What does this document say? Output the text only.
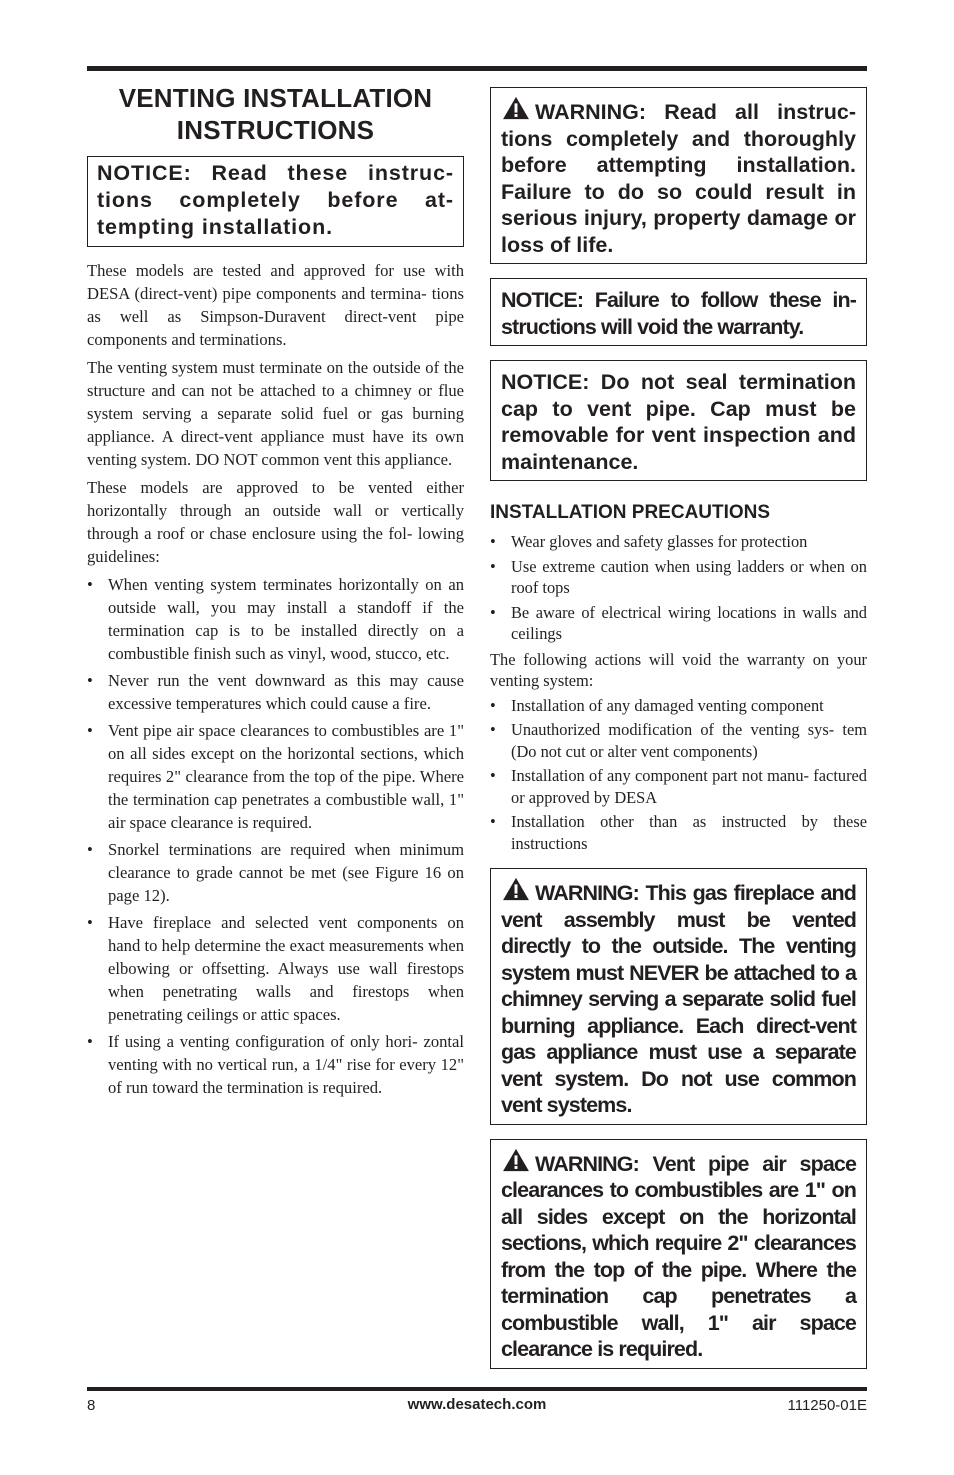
VENTING INSTALLATION
INSTRUCTIONS
NOTICE: Read these instruc- tions completely before at- tempting installation.

These models are tested and approved for use with DESA (direct-vent) pipe components and termina- tions as well as Simpson-Duravent direct-vent pipe components and terminations.

The venting system must terminate on the outside of the structure and can not be attached to a chimney or flue system serving a separate solid fuel or gas burning appliance. A direct-vent appliance must have its own venting system. DO NOT common vent this appliance.

These models are approved to be vented either horizontally through an outside wall or vertically through a roof or chase enclosure using the fol- lowing guidelines:

• When venting system terminates horizontally on an outside wall, you may install a standoff if the termination cap is to be installed directly on a combustible finish such as vinyl, wood, stucco, etc.
• Never run the vent downward as this may cause excessive temperatures which could cause a fire.
• Vent pipe air space clearances to combustibles are 1" on all sides except on the horizontal sections, which requires 2" clearance from the top of the pipe. Where the termination cap penetrates a combustible wall, 1" air space clearance is required.
• Snorkel terminations are required when minimum clearance to grade cannot be met (see Figure 16 on page 12).
• Have fireplace and selected vent components on hand to help determine the exact measurements when elbowing or offsetting. Always use wall firestops when penetrating walls and firestops when penetrating ceilings or attic spaces.
• If using a venting configuration of only hori- zontal venting with no vertical run, a 1/4" rise for every 12" of run toward the termination is required.
WARNING: Read all instruc- tions completely and thoroughly before attempting installation. Failure to do so could result in serious injury, property damage or loss of life.
NOTICE: Failure to follow these in- structions will void the warranty.
NOTICE: Do not seal termination cap to vent pipe. Cap must be removable for vent inspection and maintenance.
INSTALLATION PRECAUTIONS
• Wear gloves and safety glasses for protection
• Use extreme caution when using ladders or when on roof tops
• Be aware of electrical wiring locations in walls and ceilings

The following actions will void the warranty on your venting system:

• Installation of any damaged venting component
• Unauthorized modification of the venting sys- tem (Do not cut or alter vent components)
• Installation of any component part not manu- factured or approved by DESA
• Installation other than as instructed by these instructions
WARNING: This gas fireplace and vent assembly must be vented directly to the outside. The venting system must NEVER be attached to a chimney serving a separate solid fuel burning appliance. Each direct-vent gas appliance must use a separate vent system. Do not use common vent systems.
WARNING: Vent pipe air space clearances to combustibles are 1" on all sides except on the horizontal sections, which require 2" clearances from the top of the pipe. Where the termination cap penetrates a combustible wall, 1" air space clearance is required.
8	www.desatech.com	111250-01E
